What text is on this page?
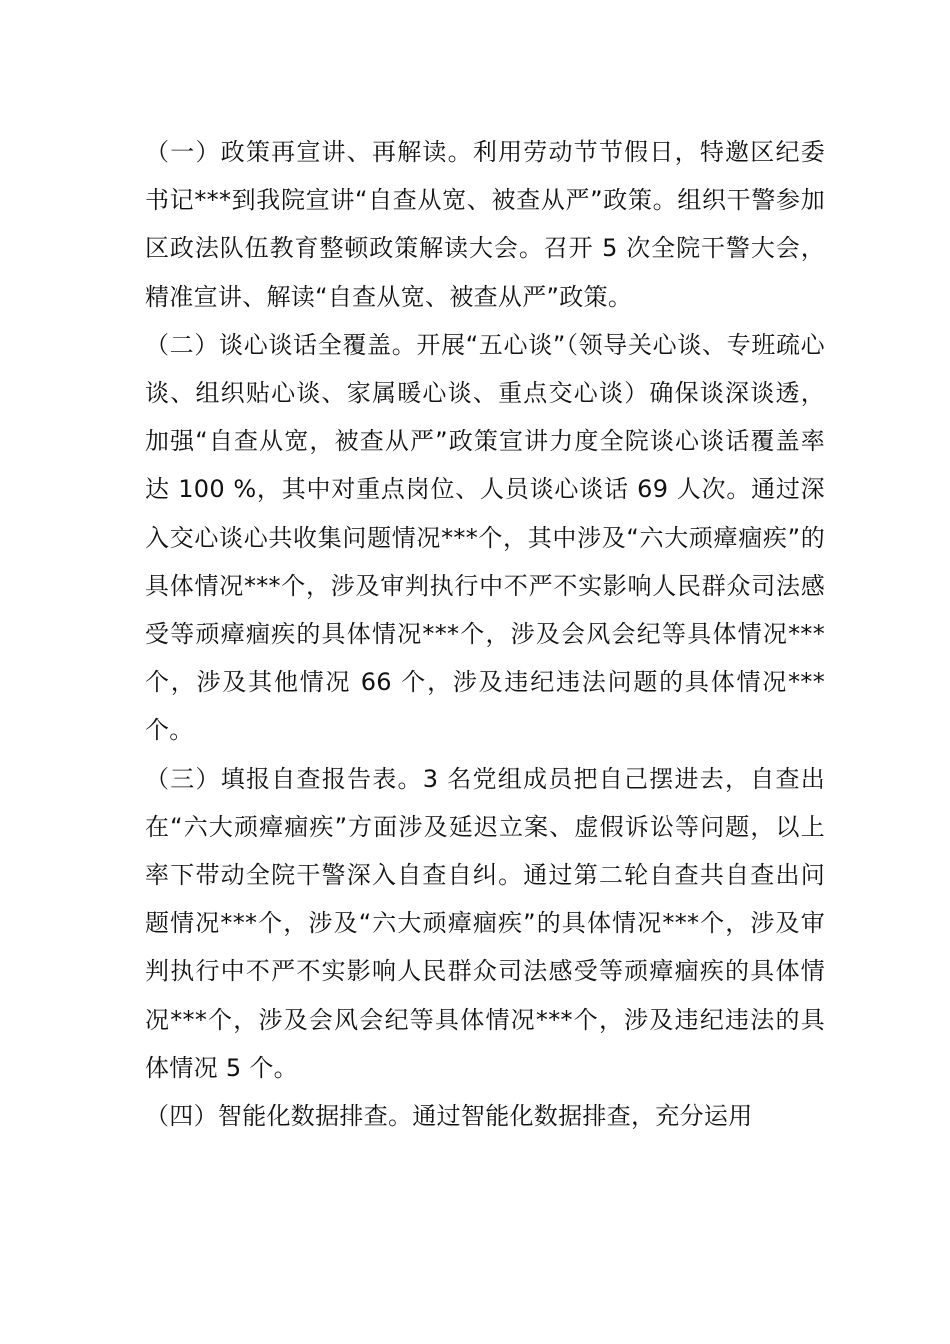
（一）政策再宣讲、再解读。利用劳动节节假日，特邀区纪委书记***到我院宣讲“自查从宽、被查从严”政策。组织干警参加区政法队伍教育整顿政策解读大会。召开 5 次全院干警大会，精准宣讲、解读“自查从宽、被查从严”政策。

（二）谈心谈话全覆盖。开展“五心谈”（领导关心谈、专班疏心谈、组织贴心谈、家属暖心谈、重点交心谈）确保谈深谈透，加强“自查从宽，被查从严”政策宣讲力度全院谈心谈话覆盖率达 100 %，其中对重点岗位、人员谈心谈话 69 人次。通过深入交心谈心共收集问题情况***个，其中涉及“六大顽瘴痼疾”的具体情况***个，涉及审判执行中不严不实影响人民群众司法感受等顽瘴痼疾的具体情况***个，涉及会风会纪等具体情况***个，涉及其他情况 66 个，涉及违纪违法问题的具体情况***个。

（三）填报自查报告表。3 名党组成员把自己摆进去，自查出在“六大顽瘴痼疾”方面涉及延迟立案、虚假诉讼等问题，以上率下带动全院干警深入自查自纠。通过第二轮自查共自查出问题情况***个，涉及“六大顽瘴痼疾”的具体情况***个，涉及审判执行中不严不实影响人民群众司法感受等顽瘴痼疾的具体情况***个，涉及会风会纪等具体情况***个，涉及违纪违法的具体情况 5 个。

（四）智能化数据排查。通过智能化数据排查，充分运用
